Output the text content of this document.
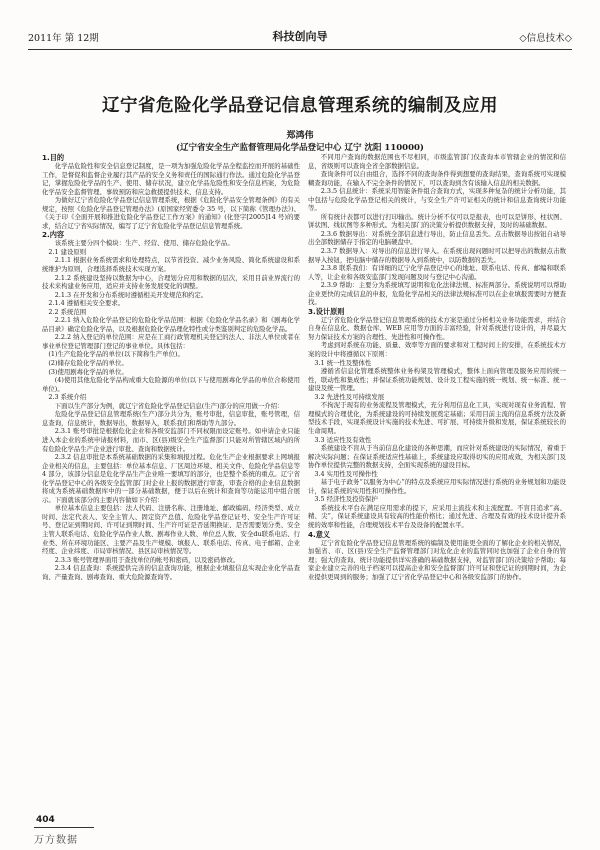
2011年 第 12期	科技创向导	◇信息技术◇
辽宁省危险化学品登记信息管理系统的编制及应用
郑鸿伟
(辽宁省安全生产监督管理局化学品登记中心 辽宁 沈阳 110000)
1.目的

化学品危险性和安全信息登记制度，是一项为加强危险化学品全程监控而开展的基础性工作，是督促和监督企业履行其产品的安全义务和责任的国际通行作法。通过危险化学品登记，掌握危险化学品的生产、使用、储存状况，建立化学品危险性和安全信息档案，为危险化学品安全监督管理、事故预防和应急救援提供技术、信息支持。

为做好辽宁省危险化学品登记信息管理系统，根据《危险化学品安全管理条例》的有关规定，按照《危险化学品登记管理办法》(原国家经贸委令 35 号，以下简称《管理办法》)、《关于印《全面开展和推进危险化学品登记工作方案》的通知》(化登字[2005]14 号)的要求，结合辽宁省实际情况，编写了辽宁省危险化学品登记信息管理系统。

2.内容

该系统主要分四个模块：生产、经营、使用、储存危险化学品。

2.1 建设原则

2.1.1 根据业务系统需求和处理特点，以节省投资、减少业务风险、简化系统建设和系统维护为原则，合理选择系统技术实现方案。

2.1.2 系统建设坚持以数据为中心，合理划分应用和数据的层次，采用目前业界流行的技术来构建业务应用，适应并支持业务发展变化的调整。

2.1.3 在开发和分布系统时遵循相关开发规范和约定。

2.1.4 遵循相关安全要求。
2.2 系统范围

2.2.1 纳入危险化学品登记的危险化学品范围：根据《危险化学品名录》和《剧毒化学品目录》确定危险化学品，以及根据危险化学品理化特性或分类鉴别判定的危险化学品。

2.2.2 纳入登记的单位范围：应是在工商行政管理机关登记的法人、非法人单位或者在事业单位登记管理部门登记的事业单位。具体包括：

(1)生产危险化学品的单位(以下简称生产单位)。
(2)储存危险化学品的单位。
(3)使用剧毒化学品的单位。

(4)使用其他危险化学品构成重大危险源的单位(以下与使用剧毒化学品的单位合称使用单位)。

2.3 系统介绍

下面以生产部分为例，就辽宁省危险化学品登记信息(生产)部分的应用做一介绍：

危险化学品登记信息管理系统(生产)部分共分为，账号审批，信息审批，账号管理，信息查询，信息统计，数据导出，数据导入，联系我们和帮助等九部分。

2.3.1 账号审批是根据危化企业和各级安监部门不同权限而设定账号。如申请企业只能进入本企业的系统申请报材料，而市、区(县)级安全生产监督部门只能对所管辖区域内的所有危险化学品生产企业进行审批、查询和数据统计。

2.3.2 信息审批是本系统基础数据的采集和填报过程。危化生产企业根据要求上网填报企业相关的信息，主要包括：单位基本信息、厂区周边环境、相关文件、危险化学品信息等 4 部分，该部分信息是危化学品生产企业唯一要填写的部分，也是整个系统的重点。辽宁省化学品登记中心的各级安全监管部门对企业上报的数据进行审查，审查合格的企业信息数据将成为系统基础数据库中的一部分基础数据，便于以后在统计和查询等功能运用中组合展示。下面就该部分的主要内容做如下介绍：

单位基本信息主要包括：法人代码、注册名称、注册地址、邮政编码、经济类型、成立时间、法定代表人、安全主管人、固定资产总值、危险化学品登记证号、安全生产许可证号、登记证到期时间、许可证到期时间、生产许可证是否延期换证、是否需要划分类、安全主管人联系电话、危险化学品作业人数、剧毒作业人数、单位总人数、安全du联系电话、行业类、所在环境功能区、主要产品及生产规模、填报人、联系电话、传真、电子邮箱、企业经度、企业纬度、市局审核情况、县区局审核情况等。

2.3.3 账号管理界面用于查找单位的帐号和密码，以及密码修改。

2.3.4 信息查询：系统提供完善的信息查询功能，根据企业填报信息实现企业化学品查询、产量查询、剧毒查询、重大危险源查询等。

不同用户查询的数据范围也不尽相同，市级监管部门仅查询本市管辖企业的情况和信息，省级则可以查询全省全部数据信息。

查询条件可以自由组合，选择不同的查询条件得到想要的查询结果，查询系统可实现模糊查询功能，在输入不完全条件的情况下，可以查询到含有该输入信息的相关数据。

2.3.5 信息统计：系统采用智能条件组合查询方式，实现多种复杂的统计分析功能，其中包括与危险化学品登记相关的统计，与安全生产许可证相关的统计和信息查询统计功能等。

所有统计表都可以进行打印输出。统计分析不仅可以是报表，也可以是饼形、柱状图、饼状图、线状图等多种形式。为相关部门的决策分析提供数据支持，及时的基础数据。

2.3.6 数据导出：对系统全部信息进行导出，防止信息丢失。点击数据导出按钮自动导出全部数据储存于指定的电脑硬盘中。

2.3.7 数据导入：对导出的信息进行导入。在系统出现问题时可以把导出的数据点击数据导入按钮，把电脑中储存的数据导入到系统中，以防数据的丢失。

2.3.8 联系我们：有详细的辽宁化学品登记中心的地址、联系电话、传真、邮编和联系人等，让企业和各级安监部门发现问题及时与登记中心沟通。

2.3.9 帮助：主要分为系统填写说明和危化法律法规、标准两部分。系统说明可以帮助企业更快的完成信息的申报，危险化学品相关的法律法规标准可以在企业填报需要时方便查找。

3.设计原则

辽宁省危险化学品登记信息管理系统的技术方案是通过分析相关业务功能需求，并结合自身在信息化、数据仓库、WEB 应用等方面的丰富经验，针对系统进行设计的，并尽最大努力保证技术方案的合理性、先进性和可操作性。

考虑到对系统在功能、质量、效率等方面的要求和对工程时间上的安排，在系统技术方案的设计中将遵循以下原则：

3.1 统一性及整体性

遵循省信息化管理系统整体业务构架及管理模式，整体上面向管理及服务应用的统一性，联动性和集成性；并保证系统功能规划、设计及工程实施的统一规划、统一标准、统一建设及统一管理。

3.2 先进性及可持续发展

不拘泥于现有的业务流程及管理模式，充分利用信息化工具，实现对现有业务流程、管理模式的合理优化，为系统建设的可持续发展奠定基础；采用目前主流的信息系统方法及新型技术手段，实现系统设计实施的技术先进、可扩展、可持续升级和发展，保证系统较长的生命周期。

3.3 适应性及有效性

系统建设不盲从于当前信息化建设的各种思潮，而应针对系统建设的实际情况，着重于解决实际问题；在保证系统适应性基础上，系统建设应取得切实的应用成效，为相关部门及协作单位提供完整的数据支持，全面实现系统的建设目标。

3.4 实用性及可操作性

基于电子政务“以服务为中心”的特点及系统应用实际情况进行系统的业务规划和功能设计，保证系统的实用性和可操作性。

3.5 经济性及投资保护

系统技术平台在满足应用需求的提下，应采用主流技术和主流配置。不盲目追求“高、精、尖”，保证系统建设具有较高的性能价格比；通过先进、合理及有效的技术设计提升系统的效率和性能，合理规划技术平台及设备的配置水平。

4.意义

辽宁省危险化学品登记信息管理系统的编制及使用能更全面的了解化企业的相关情况，加强省、市、区(县)安全生产监督管理部门对危化企业的监管同时也加强了企业自身的管理；强大的查询、统计功能提供详实准确的基础数据支持，对监管部门的决策给予帮助；每家企业建立完善的电子档案可以提高企业和安全监督部门许可证和登记证的到期时间，为企业提供更周到的服务；加强了辽宁省化学品登记中心和各级安监部门的协作。

404
万方数据
